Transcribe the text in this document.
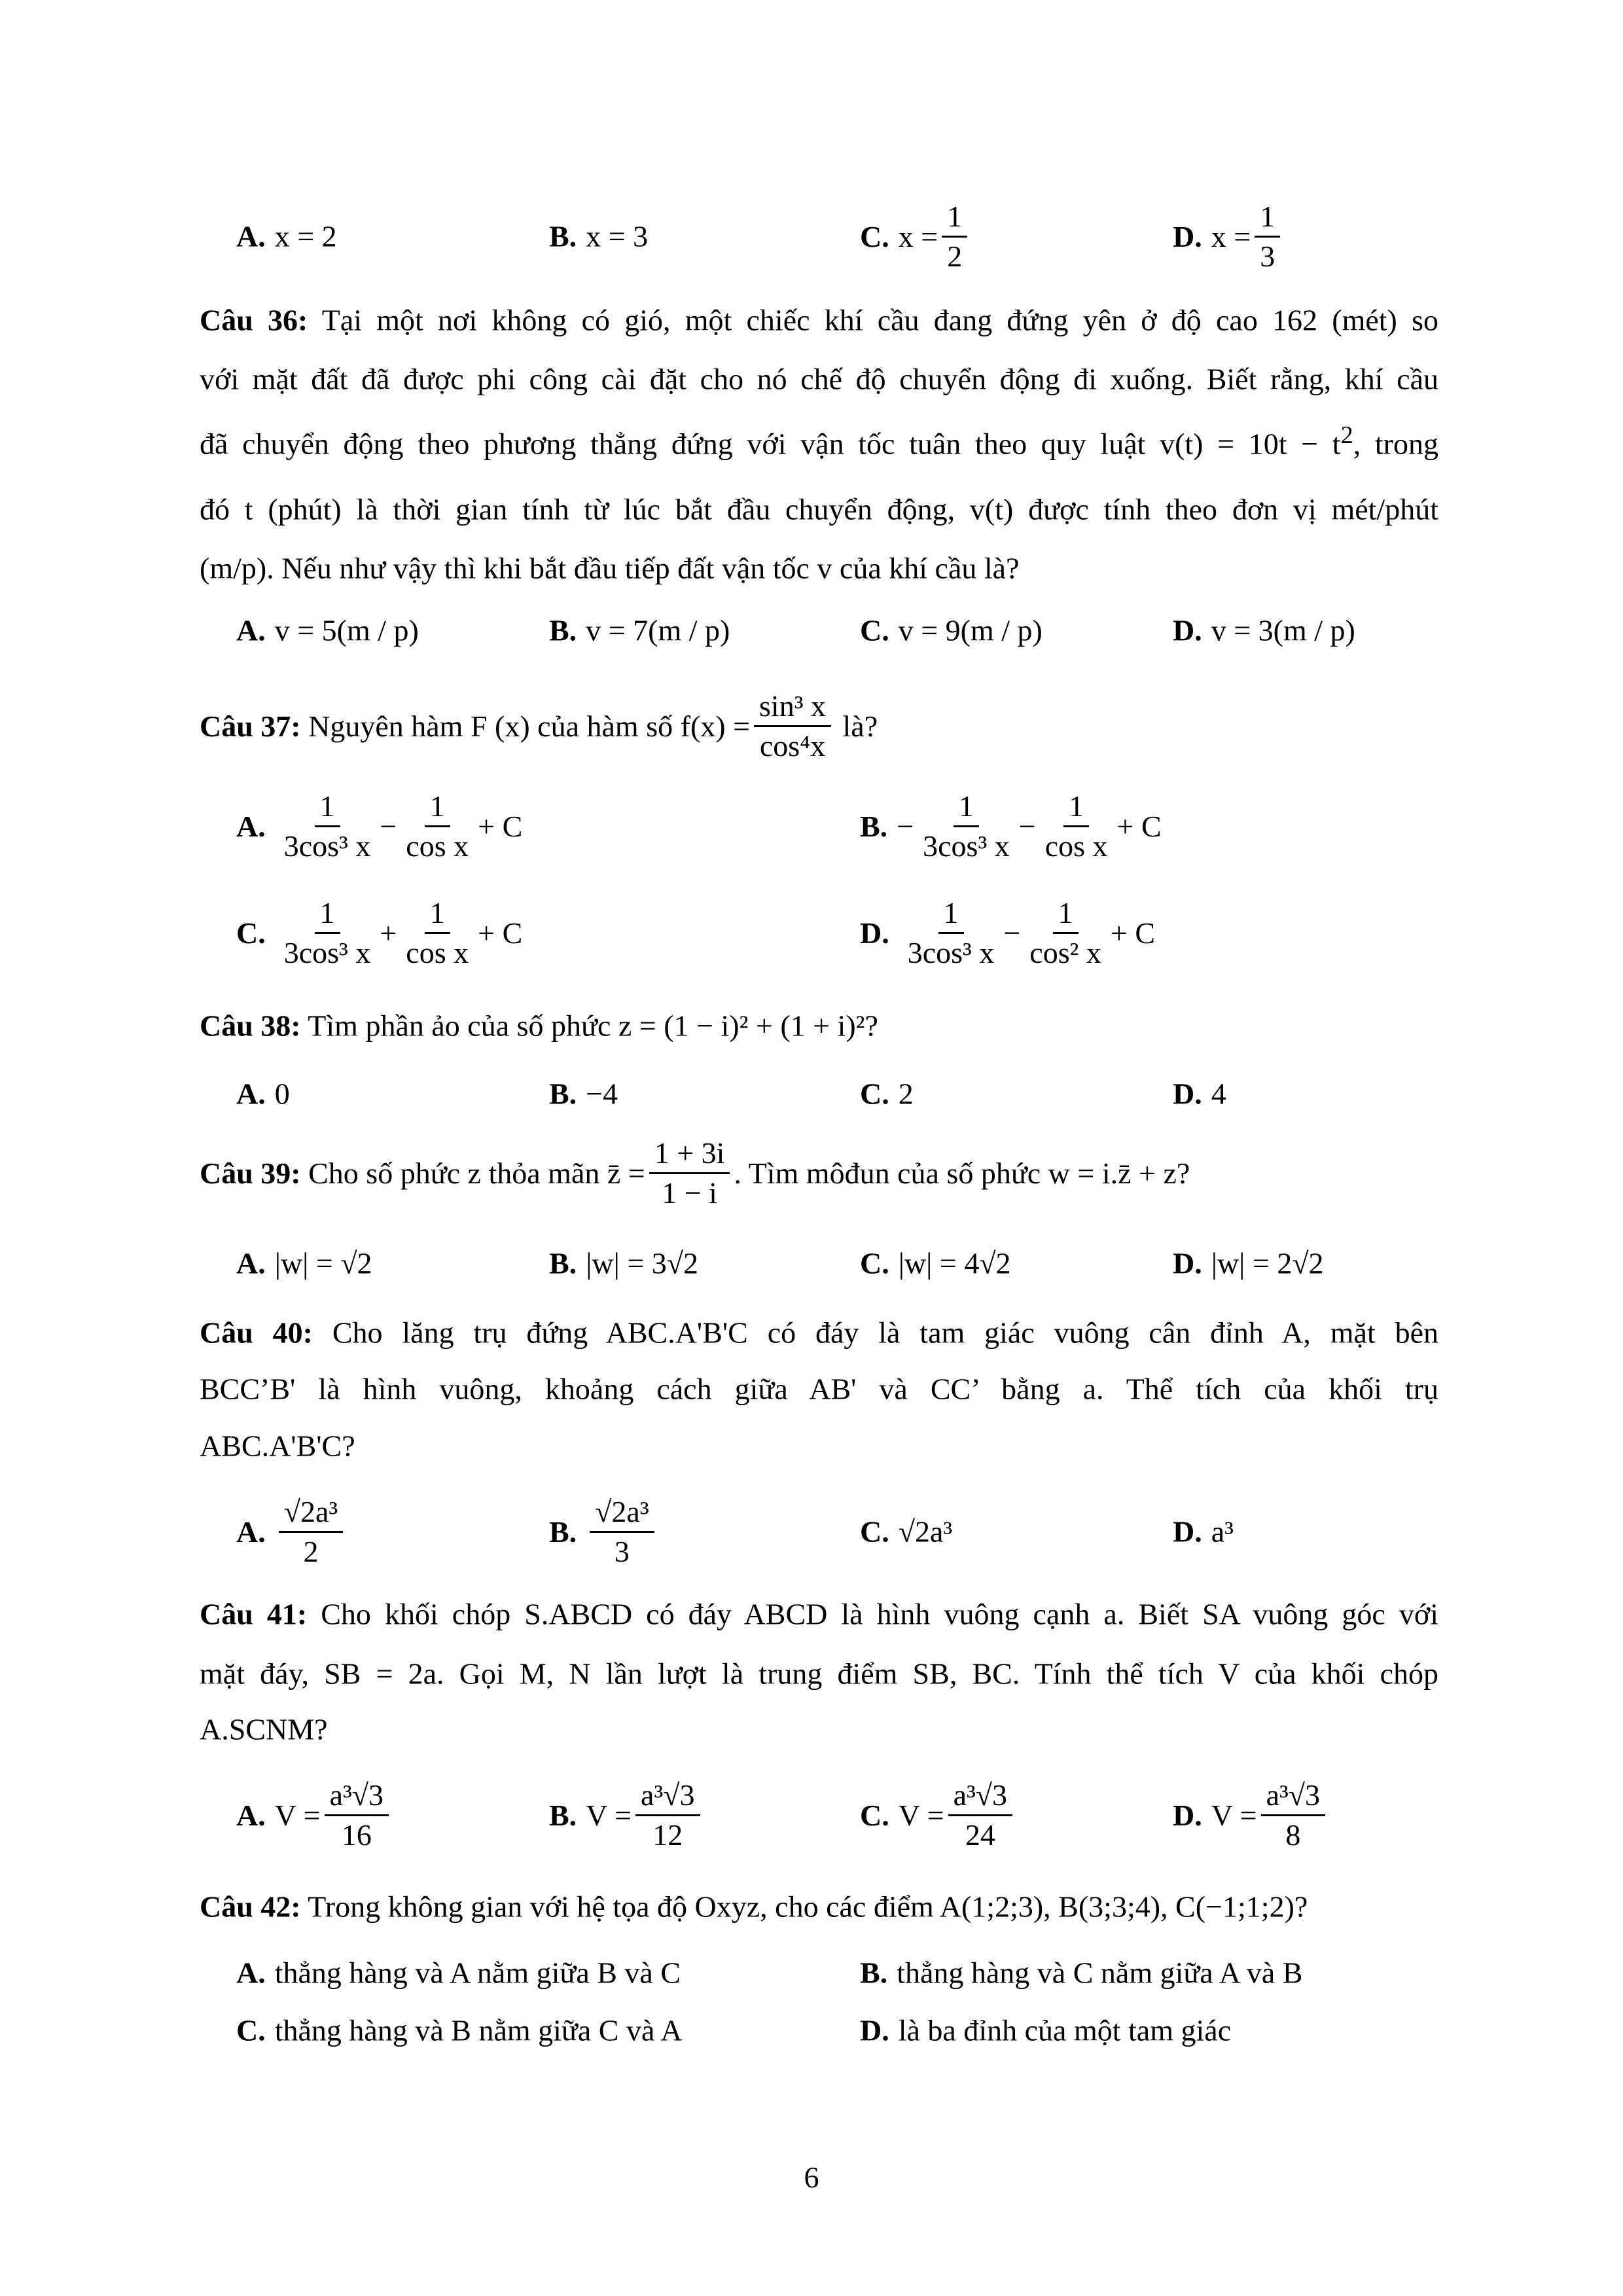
A. x = 2	B. x = 3	C. $x = \frac{1}{2}$	D. $x = \frac{1}{3}$
Câu 36: Tại một nơi không có gió, một chiếc khí cầu đang đứng yên ở độ cao 162 (mét) so
với mặt đất đã được phi công cài đặt cho nó chế độ chuyển động đi xuống. Biết rằng, khí cầu
đã chuyển động theo phương thẳng đứng với vận tốc tuân theo quy luật $v(t) = 10t - t^2$, trong
đó t (phút) là thời gian tính từ lúc bắt đầu chuyển động, v(t) được tính theo đơn vị mét/phút
(m/p). Nếu như vậy thì khi bắt đầu tiếp đất vận tốc v của khí cầu là?
A. v = 5(m / p)	B. v = 7(m / p)	C. v = 9(m / p)	D. v = 3(m / p)
Câu 37:
Nguyên hàm F (x) của hàm số
$f(x) = \frac{\text{sin³ x}}{\text{cos⁴x}}$
là?
A. $\frac{1}{\text{3cos³ x}} - \frac{1}{\text{cos x}} + C$	B. − $\frac{1}{\text{3cos³ x}} - \frac{1}{\text{cos x}} + C$
C. $\frac{1}{\text{3cos³ x}} + \frac{1}{\text{cos x}} + C$	D. $\frac{1}{\text{3cos³ x}} - \frac{1}{\text{cos² x}} + C$
Câu 38: Tìm phần ảo của số phức z = (1 − i)² + (1 + i)²?
A. 0	B. −4	C. 2	D. 4
Câu 39:
Cho số phức z thỏa mãn
z̄ = $\frac{1 + 3i}{1 - i}$ . Tìm môđun của số phức
w = i.z̄ + z?
A. |w| = √2	B. |w| = 3√2	C. |w| = 4√2	D. |w| = 2√2
Câu 40: Cho lăng trụ đứng ABC.A'B'C có đáy là tam giác vuông cân đỉnh A, mặt bên
BCC’B' là hình vuông, khoảng cách giữa AB' và CC’ bằng a. Thể tích của khối trụ
ABC.A'B'C?
A. $\frac{\text{√2a³}}{2}$	B. $\frac{\text{√2a³}}{3}$	C. √2a³	D. a³
Câu 41: Cho khối chóp S.ABCD có đáy ABCD là hình vuông cạnh a. Biết SA vuông góc với
mặt đáy, SB = 2a. Gọi M, N lần lượt là trung điểm SB, BC. Tính thể tích V của khối chóp
A.SCNM?
A. $V = \frac{\text{a³√3}}{16}$	B. $V = \frac{\text{a³√3}}{12}$	C. $V = \frac{\text{a³√3}}{24}$	D. $V = \frac{\text{a³√3}}{8}$
Câu 42: Trong không gian với hệ tọa độ Oxyz, cho các điểm A(1;2;3), B(3;3;4), C(−1;1;2)?
A. thẳng hàng và A nằm giữa B và C	B. thẳng hàng và C nằm giữa A và B
C. thẳng hàng và B nằm giữa C và A	D. là ba đỉnh của một tam giác
6
